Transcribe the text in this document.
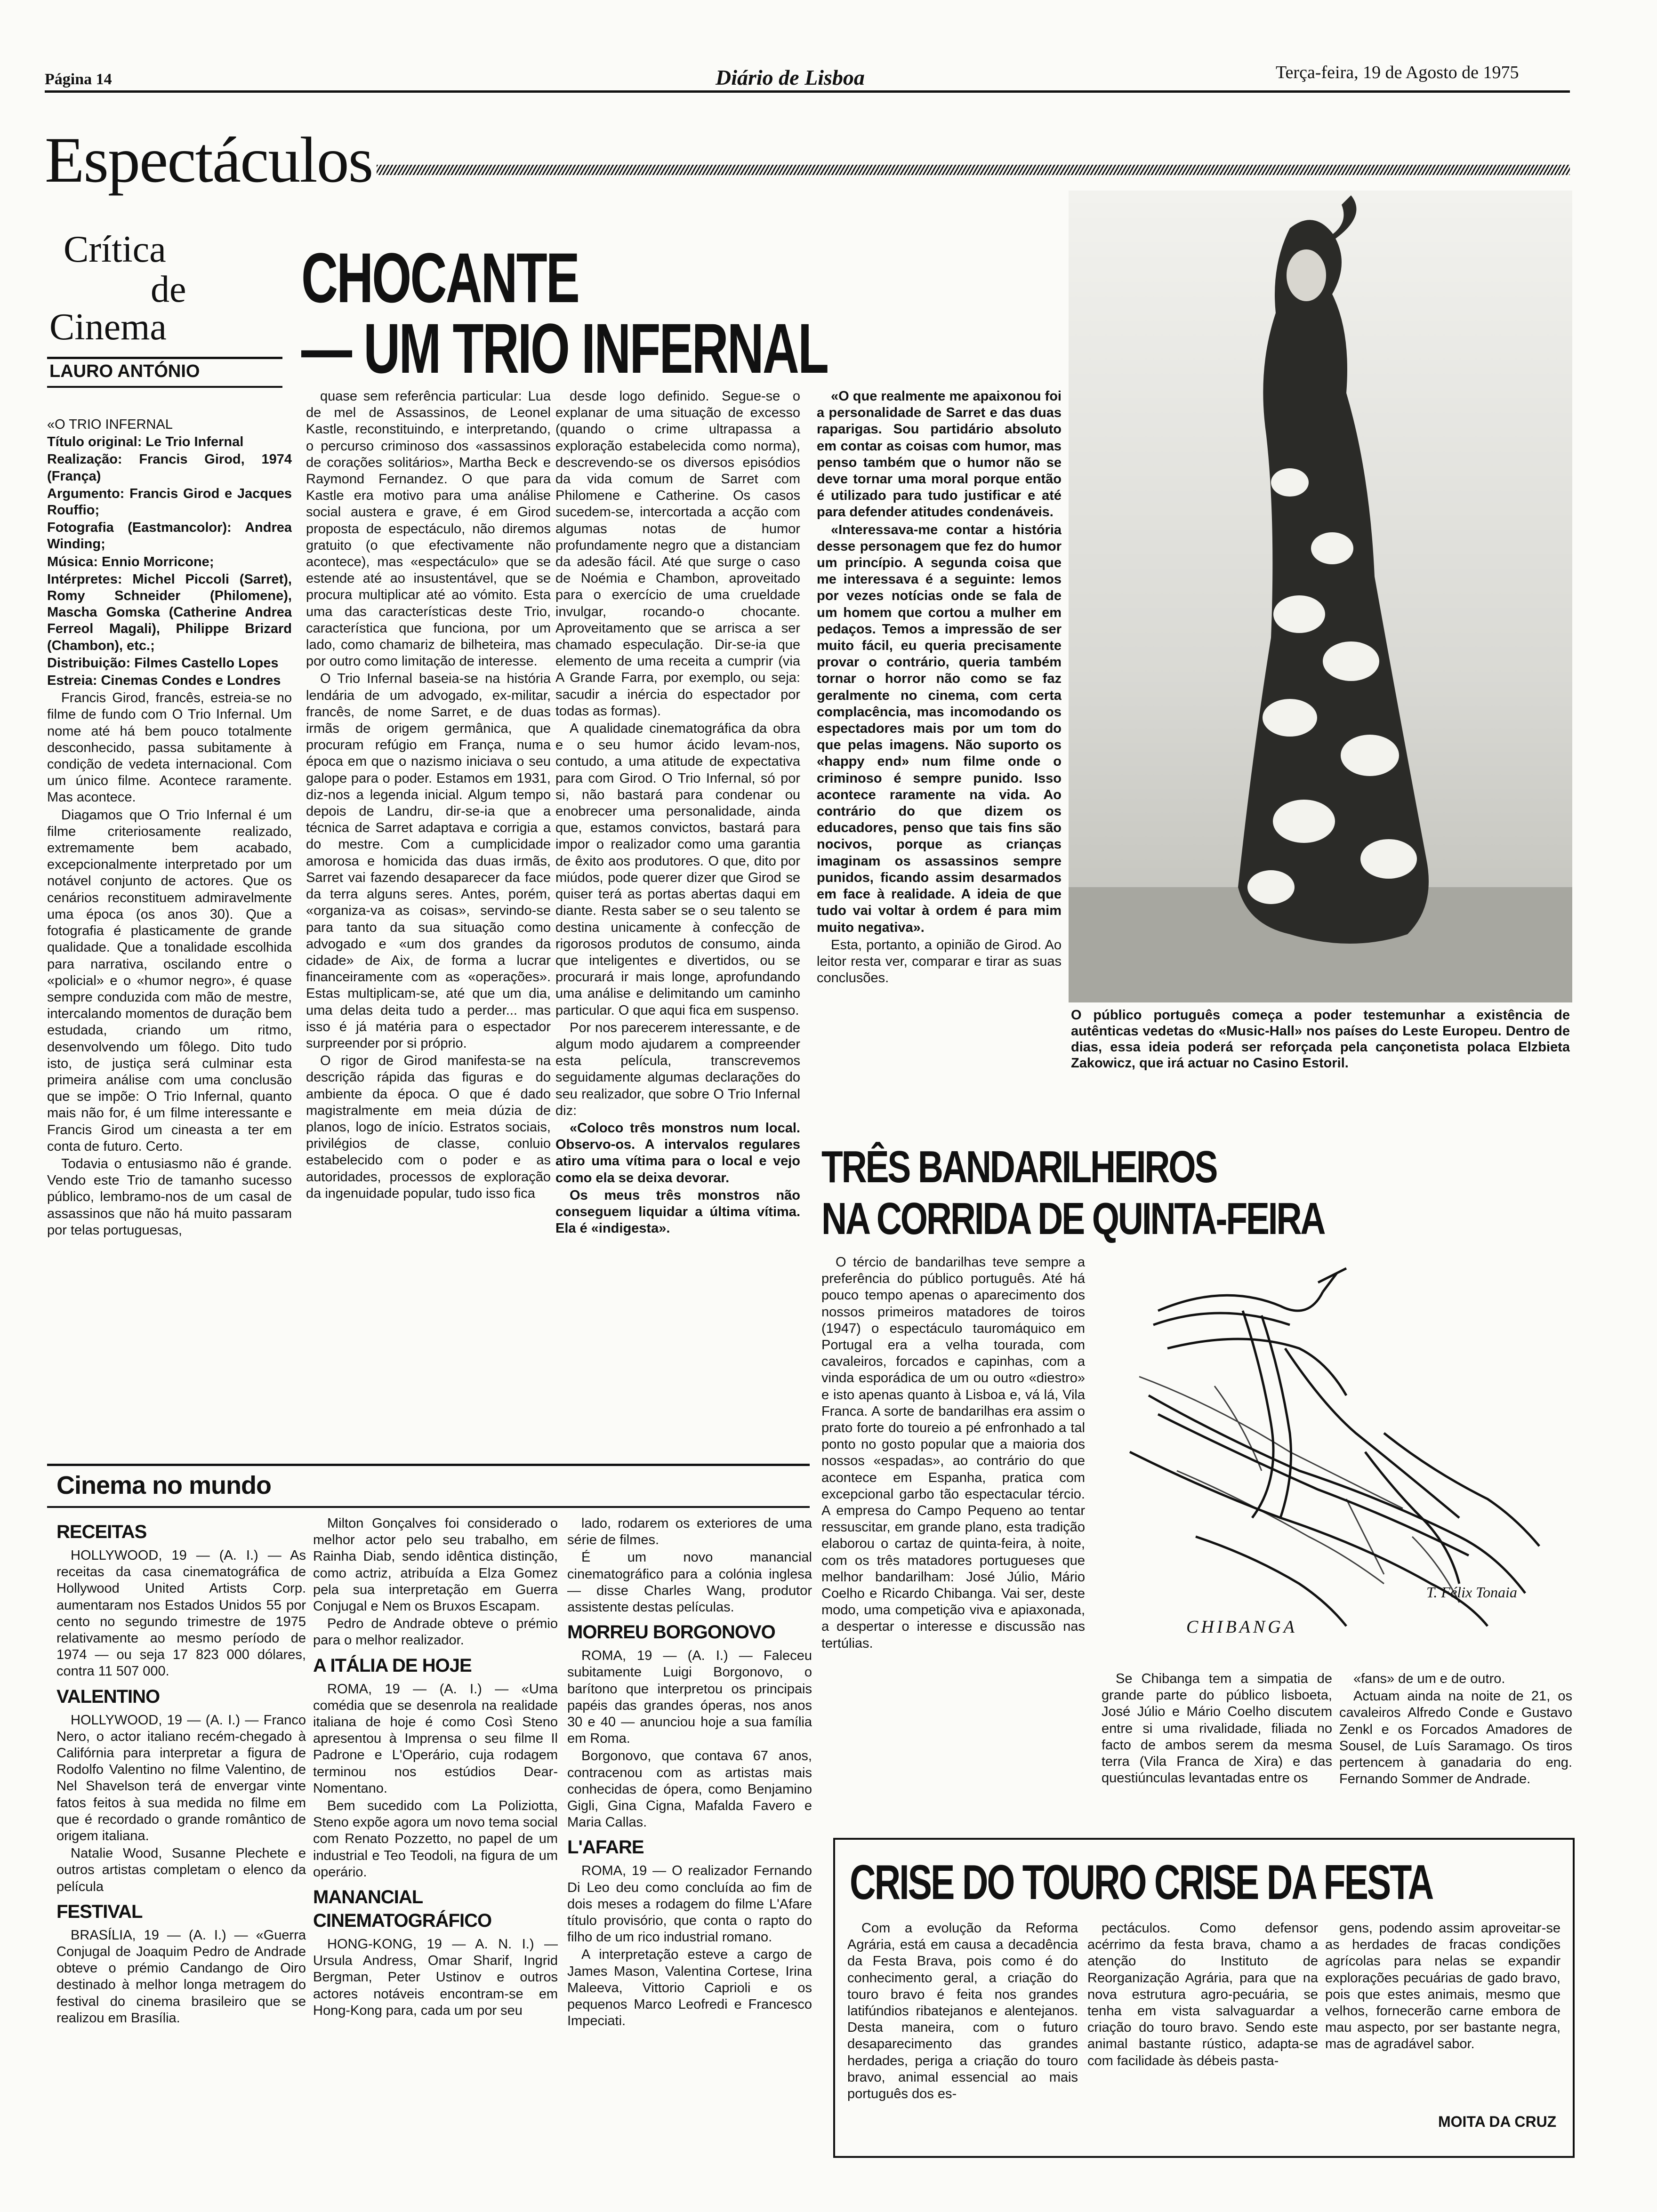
Página 14	Diário de Lisboa	Terça-feira, 19 de Agosto de 1975
Espectáculos
Crítica
de
Cinema
LAURO ANTÓNIO
CHOCANTE
— UM TRIO INFERNAL

«O TRIO INFERNAL

Título original: Le Trio Infernal

Realização: Francis Girod, 1974 (França)

Argumento: Francis Girod e Jacques Rouffio;

Fotografia (Eastmancolor): Andrea Winding;

Música: Ennio Morricone;

Intérpretes: Michel Piccoli (Sarret), Romy Schneider (Philomene), Mascha Gomska (Catherine Andrea Ferreol Magali), Philippe Brizard (Chambon), etc.;

Distribuição: Filmes Castello Lopes

Estreia: Cinemas Condes e Londres

Francis Girod, francês, estreia-se no filme de fundo com O Trio Infernal. Um nome até há bem pouco totalmente desconhecido, passa subitamente à condição de vedeta internacional. Com um único filme. Acontece raramente. Mas acontece.

Diagamos que O Trio Infernal é um filme criteriosamente realizado, extremamente bem acabado, excepcionalmente interpretado por um notável conjunto de actores. Que os cenários reconstituem admiravelmente uma época (os anos 30). Que a fotografia é plasticamente de grande qualidade. Que a tonalidade escolhida para narrativa, oscilando entre o «policial» e o «humor negro», é quase sempre conduzida com mão de mestre, intercalando momentos de duração bem estudada, criando um ritmo, desenvolvendo um fôlego. Dito tudo isto, de justiça será culminar esta primeira análise com uma conclusão que se impõe: O Trio Infernal, quanto mais não for, é um filme interessante e Francis Girod um cineasta a ter em conta de futuro. Certo.

Todavia o entusiasmo não é grande. Vendo este Trio de tamanho sucesso público, lembramo-nos de um casal de assassinos que não há muito passaram por telas portuguesas,

quase sem referência particular: Lua de mel de Assassinos, de Leonel Kastle, reconstituindo, e interpretando, o percurso criminoso dos «assassinos de corações solitários», Martha Beck e Raymond Fernandez. O que para Kastle era motivo para uma análise social austera e grave, é em Girod proposta de espectáculo, não diremos gratuito (o que efectivamente não acontece), mas «espectáculo» que se estende até ao insustentável, que se procura multiplicar até ao vómito. Esta uma das características deste Trio, característica que funciona, por um lado, como chamariz de bilheteira, mas por outro como limitação de interesse.

O Trio Infernal baseia-se na história lendária de um advogado, ex-militar, francês, de nome Sarret, e de duas irmãs de origem germânica, que procuram refúgio em França, numa época em que o nazismo iniciava o seu galope para o poder. Estamos em 1931, diz-nos a legenda inicial. Algum tempo depois de Landru, dir-se-ia que a técnica de Sarret adaptava e corrigia a do mestre. Com a cumplicidade amorosa e homicida das duas irmãs, Sarret vai fazendo desaparecer da face da terra alguns seres. Antes, porém, «organiza-va as coisas», servindo-se para tanto da sua situação como advogado e «um dos grandes da cidade» de Aix, de forma a lucrar financeiramente com as «operações». Estas multiplicam-se, até que um dia, uma delas deita tudo a perder... mas isso é já matéria para o espectador surpreender por si próprio.

O rigor de Girod manifesta-se na descrição rápida das figuras e do ambiente da época. O que é dado magistralmente em meia dúzia de planos, logo de início. Estratos sociais, privilégios de classe, conluio estabelecido com o poder e as autoridades, processos de exploração da ingenuidade popular, tudo isso fica

desde logo definido. Segue-se o explanar de uma situação de excesso (quando o crime ultrapassa a exploração estabelecida como norma), descrevendo-se os diversos episódios da vida comum de Sarret com Philomene e Catherine. Os casos sucedem-se, intercortada a acção com algumas notas de humor profundamente negro que a distanciam da adesão fácil. Até que surge o caso de Noémia e Chambon, aproveitado para o exercício de uma crueldade invulgar, rocando-o chocante. Aproveitamento que se arrisca a ser chamado especulação. Dir-se-ia que elemento de uma receita a cumprir (via A Grande Farra, por exemplo, ou seja: sacudir a inércia do espectador por todas as formas).

A qualidade cinematográfica da obra e o seu humor ácido levam-nos, contudo, a uma atitude de expectativa para com Girod. O Trio Infernal, só por si, não bastará para condenar ou enobrecer uma personalidade, ainda que, estamos convictos, bastará para impor o realizador como uma garantia de êxito aos produtores. O que, dito por miúdos, pode querer dizer que Girod se quiser terá as portas abertas daqui em diante. Resta saber se o seu talento se destina unicamente à confecção de rigorosos produtos de consumo, ainda que inteligentes e divertidos, ou se procurará ir mais longe, aprofundando uma análise e delimitando um caminho particular. O que aqui fica em suspenso.

Por nos parecerem interessante, e de algum modo ajudarem a compreender esta película, transcrevemos seguidamente algumas declarações do seu realizador, que sobre O Trio Infernal diz:

«Coloco três monstros num local. Observo-os. A intervalos regulares atiro uma vítima para o local e vejo como ela se deixa devorar.

Os meus três monstros não conseguem liquidar a última vítima. Ela é «indigesta».

«O que realmente me apaixonou foi a personalidade de Sarret e das duas raparigas. Sou partidário absoluto em contar as coisas com humor, mas penso também que o humor não se deve tornar uma moral porque então é utilizado para tudo justificar e até para defender atitudes condenáveis.

«Interessava-me contar a história desse personagem que fez do humor um princípio. A segunda coisa que me interessava é a seguinte: lemos por vezes notícias onde se fala de um homem que cortou a mulher em pedaços. Temos a impressão de ser muito fácil, eu queria precisamente provar o contrário, queria também tornar o horror não como se faz geralmente no cinema, com certa complacência, mas incomodando os espectadores mais por um tom do que pelas imagens. Não suporto os «happy end» num filme onde o criminoso é sempre punido. Isso acontece raramente na vida. Ao contrário do que dizem os educadores, penso que tais fins são nocivos, porque as crianças imaginam os assassinos sempre punidos, ficando assim desarmados em face à realidade. A ideia de que tudo vai voltar à ordem é para mim muito negativa».

Esta, portanto, a opinião de Girod. Ao leitor resta ver, comparar e tirar as suas conclusões.

O público português começa a poder testemunhar a existência de autênticas vedetas do «Music-Hall» nos países do Leste Europeu. Dentro de dias, essa ideia poderá ser reforçada pela cançonetista polaca Elzbieta Zakowicz, que irá actuar no Casino Estoril.

TRÊS BANDARILHEIROS
NA CORRIDA DE QUINTA-FEIRA

O tércio de bandarilhas teve sempre a preferência do público português. Até há pouco tempo apenas o aparecimento dos nossos primeiros matadores de toiros (1947) o espectáculo tauromáquico em Portugal era a velha tourada, com cavaleiros, forcados e capinhas, com a vinda esporádica de um ou outro «diestro» e isto apenas quanto à Lisboa e, vá lá, Vila Franca. A sorte de bandarilhas era assim o prato forte do toureio a pé enfronhado a tal ponto no gosto popular que a maioria dos nossos «espadas», ao contrário do que acontece em Espanha, pratica com excepcional garbo tão espectacular tércio. A empresa do Campo Pequeno ao tentar ressuscitar, em grande plano, esta tradição elaborou o cartaz de quinta-feira, à noite, com os três matadores portugueses que melhor bandarilham: José Júlio, Mário Coelho e Ricardo Chibanga. Vai ser, deste modo, uma competição viva e apiaxonada, a despertar o interesse e discussão nas tertúlias.

T. Félix Tonaia
CHIBANGA

Se Chibanga tem a simpatia de grande parte do público lisboeta, José Júlio e Mário Coelho discutem entre si uma rivalidade, filiada no facto de ambos serem da mesma terra (Vila Franca de Xira) e das questiúnculas levantadas entre os

«fans» de um e de outro.

Actuam ainda na noite de 21, os cavaleiros Alfredo Conde e Gustavo Zenkl e os Forcados Amadores de Sousel, de Luís Saramago. Os tiros pertencem à ganadaria do eng. Fernando Sommer de Andrade.

Cinema no mundo

RECEITAS

HOLLYWOOD, 19 — (A. I.) — As receitas da casa cinematográfica de Hollywood United Artists Corp. aumentaram nos Estados Unidos 55 por cento no segundo trimestre de 1975 relativamente ao mesmo período de 1974 — ou seja 17 823 000 dólares, contra 11 507 000.

VALENTINO

HOLLYWOOD, 19 — (A. I.) — Franco Nero, o actor italiano recém-chegado à Califórnia para interpretar a figura de Rodolfo Valentino no filme Valentino, de Nel Shavelson terá de envergar vinte fatos feitos à sua medida no filme em que é recordado o grande romântico de origem italiana.

Natalie Wood, Susanne Plechete e outros artistas completam o elenco da película

FESTIVAL

BRASÍLIA, 19 — (A. I.) — «Guerra Conjugal de Joaquim Pedro de Andrade obteve o prémio Candango de Oiro destinado à melhor longa metragem do festival do cinema brasileiro que se realizou em Brasília.

Milton Gonçalves foi considerado o melhor actor pelo seu trabalho, em Rainha Diab, sendo idêntica distinção, como actriz, atribuída a Elza Gomez pela sua interpretação em Guerra Conjugal e Nem os Bruxos Escapam.

Pedro de Andrade obteve o prémio para o melhor realizador.

A ITÁLIA DE HOJE

ROMA, 19 — (A. I.) — «Uma comédia que se desenrola na realidade italiana de hoje é como Così Steno apresentou à Imprensa o seu filme Il Padrone e L'Operário, cuja rodagem terminou nos estúdios Dear-Nomentano.

Bem sucedido com La Poliziotta, Steno expõe agora um novo tema social com Renato Pozzetto, no papel de um industrial e Teo Teodoli, na figura de um operário.

MANANCIAL CINEMATOGRÁFICO

HONG-KONG, 19 — A. N. I.) — Ursula Andress, Omar Sharif, Ingrid Bergman, Peter Ustinov e outros actores notáveis encontram-se em Hong-Kong para, cada um por seu

lado, rodarem os exteriores de uma série de filmes.

É um novo manancial cinematográfico para a colónia inglesa — disse Charles Wang, produtor assistente destas películas.

MORREU BORGONOVO

ROMA, 19 — (A. I.) — Faleceu subitamente Luigi Borgonovo, o barítono que interpretou os principais papéis das grandes óperas, nos anos 30 e 40 — anunciou hoje a sua família em Roma.

Borgonovo, que contava 67 anos, contracenou com as artistas mais conhecidas de ópera, como Benjamino Gigli, Gina Cigna, Mafalda Favero e Maria Callas.

L'AFARE

ROMA, 19 — O realizador Fernando Di Leo deu como concluída ao fim de dois meses a rodagem do filme L'Afare título provisório, que conta o rapto do filho de um rico industrial romano.

A interpretação esteve a cargo de James Mason, Valentina Cortese, Irina Maleeva, Vittorio Caprioli e os pequenos Marco Leofredi e Francesco Impeciati.

CRISE DO TOURO CRISE DA FESTA

Com a evolução da Reforma Agrária, está em causa a decadência da Festa Brava, pois como é do conhecimento geral, a criação do touro bravo é feita nos grandes latifúndios ribatejanos e alentejanos. Desta maneira, com o futuro desaparecimento das grandes herdades, periga a criação do touro bravo, animal essencial ao mais português dos es-

pectáculos. Como defensor acérrimo da festa brava, chamo a atenção do Instituto de Reorganização Agrária, para que na nova estrutura agro-pecuária, se tenha em vista salvaguardar a criação do touro bravo. Sendo este animal bastante rústico, adapta-se com facilidade às débeis pasta-

gens, podendo assim aproveitar-se as herdades de fracas condições agrícolas para nelas se expandir explorações pecuárias de gado bravo, pois que estes animais, mesmo que velhos, fornecerão carne embora de mau aspecto, por ser bastante negra, mas de agradável sabor.

MOITA DA CRUZ
